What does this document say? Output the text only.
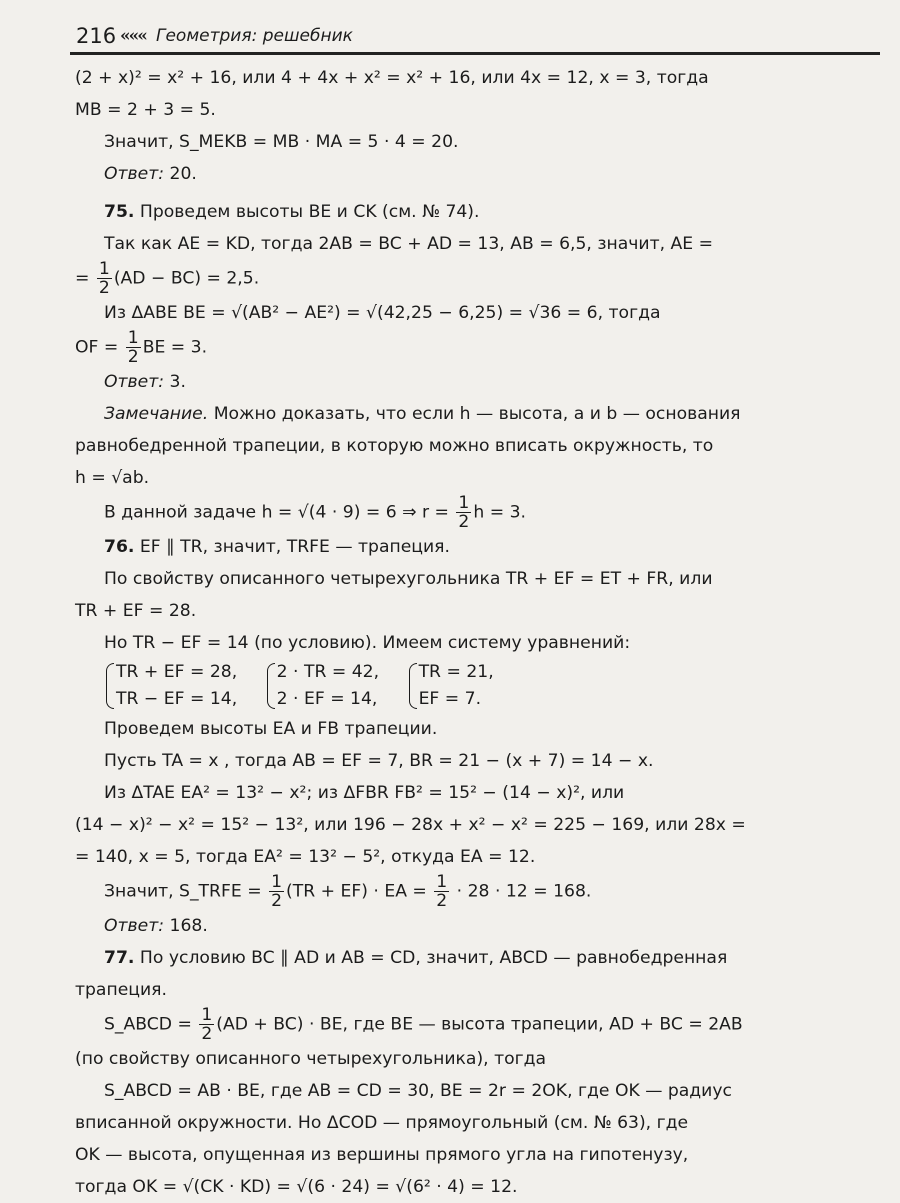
216 ««« Геометрия: решебник
(2 + x)² = x² + 16, или 4 + 4x + x² = x² + 16, или 4x = 12, x = 3, тогда
MB = 2 + 3 = 5.
Значит, S_MEKB = MB · MA = 5 · 4 = 20.
Ответ: 20.
75. Проведем высоты BE и CK (см. № 74).
Так как AE = KD, тогда 2AB = BC + AD = 13, AB = 6,5, значит, AE =
= $\frac{1}{2} (AD - BC) = 2,5$.
Из ΔABE BE = √(AB² − AE²) = √(42,25 − 6,25) = √36 = 6, тогда
OF = $\frac{1}{2}$ BE = 3.
Ответ: 3.
Замечание. Можно доказать, что если h — высота, a и b — основания
равнобедренной трапеции, в которую можно вписать окружность, то
h = √ab.
В данной задаче h = √(4 · 9) = 6 ⇒ $r = \frac{1}{2}$ h = 3.
76. EF ∥ TR, значит, TRFE — трапеция.
По свойству описанного четырехугольника TR + EF = ET + FR, или
TR + EF = 28.
Но TR − EF = 14 (по условию). Имеем систему уравнений:
TR + EF = 28,
TR − EF = 14,

2 · TR = 42,
2 · EF = 14,

TR = 21,
EF = 7.
Проведем высоты EA и FB трапеции.
Пусть TA = x , тогда AB = EF = 7, BR = 21 − (x + 7) = 14 − x.
Из ΔTAE EA² = 13² − x²; из ΔFBR FB² = 15² − (14 − x)², или
(14 − x)² − x² = 15² − 13², или 196 − 28x + x² − x² = 225 − 169, или 28x =
= 140, x = 5, тогда EA² = 13² − 5², откуда EA = 12.
Значит, S_TRFE = $\frac{1}{2} (TR + EF)$ · EA = $\frac{1}{2} \cdot 28 \cdot 12 = 168$.
Ответ: 168.
77. По условию BC ∥ AD и AB = CD, значит, ABCD — равнобедренная
трапеция.
S_ABCD = $\frac{1}{2} (AD + BC)$ · BE, где BE — высота трапеции, AD + BC = 2AB
(по свойству описанного четырехугольника), тогда
S_ABCD = AB · BE, где AB = CD = 30, BE = 2r = 2OK, где OK — радиус
вписанной окружности. Но ΔCOD — прямоугольный (см. № 63), где
OK — высота, опущенная из вершины прямого угла на гипотенузу,
тогда OK = √(CK · KD) = √(6 · 24) = √(6² · 4) = 12.
